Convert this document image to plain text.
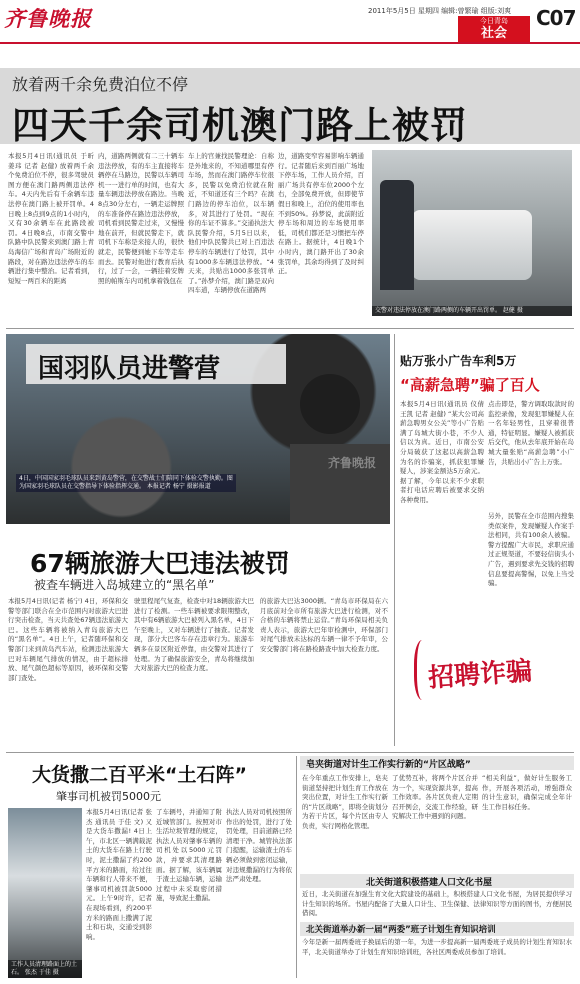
齐鲁晚报	2011年5月5日 星期四 编辑:曾繁瑜 组版:刘爽
今日青岛
社会
C07
放着两千余免费泊位不停
四天千余司机澳门路上被罚
本报5月4日讯(通讯员 于昕 姜玮 记者 赵健) 放着两千余个免费泊位不停，很多驾驶员图方便在澳门路两侧违法停车。4天内先后有千余辆车违法停在澳门路上被开罚单。4日晚上8点到9点的1小时内，又有30余辆车在此路段被罚。4日晚8点，市南交警中队路中队民警来到澳门路上青岛海信广场和青岛广场附近的路段，对在路边违法停车的车辆进行集中整治。记者看到，短短一两百米的距离
内，道路两侧就有二三十辆车违法停放，有的车主直接将车辆停在马路边，民警以车辆司机一一进行单的时间，也有大量车辆违法停放在路边。当晚8点30分左右，一辆走运牌照的车准备停在路边违法停放，司机看到民警走过来，又慢慢地在前开，但就民警走下，就司机下车称是来接人的，很快就走，民警便到她下车等走车而去。民警对他进行教育后执行，过了一会，一辆挂着安牌照的帕斯车内司机拿着钱包在
车上的官兼找民警理论：自称是外地来的，不知道哪里有停车场，然而在澳门路停车位很多，民警以免费泊位就在附近，不知道还有三个吗？在澳门路边的停车泊位，以车辆多，对其进行了处罚。“现在你的车证不算多。”交通执法大队民警介绍，5月5日以来，他们中队民警共已对上百违法停车的车辆进行了处罚，其中有1000多车辆违法停放。“4天来，共贴出1000多张罚单了。”孙梦介绍，澳门路是双向四车道，车辆停放在道路两
边，道路变窄容易影响车辆通行。记者随后来到百丽广场地下停车场，工作人员介绍，百丽广场共有停车位2000个左右，全部免费开放，但即使节假日和晚上，泊位的使用率也不到50%。孙梦说，此前附近停车场和周边的车场使用率低，司机们都还是习惯把车停在路上。据统计，4日晚1个小时内，澳门路开出了30余张罚单，其余均得到了及时纠正。
交警对违法停放在澳门路两侧的车辆开出罚单。 赵健 摄
国羽队员进警营
齐鲁晚报
4日，中国国家羽毛球队员来到黄岛警营，在交警战士们陪同下体验交警执勤。图为国家羽毛球队员在交警指导下体验指挥交通。 本报记者 杨宁 摄影报道
67辆旅游大巴违法被罚
被查车辆进入岛城建立的“黑名单”
本报5月4日讯(记者 杨宁) 4日，环保和交警等部门联合在全市范围内对旅游大巴进行突击检查，当天共查处67辆违法旅游大巴。这些车辆将被纳入青岛旅游大巴的“黑名单”。4日上午，记者随环保和交警部门来到黄岛汽车站，检测违法旅游大巴对车辆尾气排放的情况，由于超标排放、尾气颜色超标等原因，被环保和交警部门查处。
驶里程尾气复查，检查中对18辆旅游大巴进行了检测。一些车辆被要求限期整改，其中有6辆旅游大巴被列入黑名单，4日下午至晚上，又对车辆进行了抽查。记者发现，部分大巴客车存在违章行为。旅游车辆多在景区附近停靠，由交警对其进行了处理。为了确保旅游安全，青岛将继续加大对旅游大巴的检查力度。
的旅游大巴达3000辆。“青岛市环保局在六月底前对全市所有旅游大巴进行检测，对不合格的车辆将禁止运营。”青岛环保局相关负责人表示，旅游大巴年审检测中，环保部门对尾气排放未达标的车辆一律不予年审，公安交警部门将在路检路查中加大检查力度。
贴万张小广告车利5万
“高薪急聘”骗了百人
本报5月4日讯(通讯员 仪倩 王凯 记者 赵健) “某大公司高薪急聘男女公关”等小广告贴满了岛城大街小巷，不少人信以为真。近日，市南公安分局破获了这起以高薪急聘为名的诈骗案，抓获犯罪嫌疑人，涉案金额达5万余元。据了解，今年以来不少求职者打电话应聘后被要求交纳各种费用。
点击即是，警方调取取款时的监控录像，发现犯罪嫌疑人在一名年轻男性，且穿着很普通，特征明显。嫌疑人被抓获后交代，他从去年底开始在岛城大量张贴“高薪急聘”小广告，共贴出小广告上万张。
另外，民警在全市范围内搜集类似案件，发现嫌疑人作案手法相同，共有100余人被骗。警方提醒广大市民，求职应通过正规渠道，不要轻信街头小广告，遇到要求先交钱的招聘信息要提高警惕，以免上当受骗。
招聘诈骗
大货撒二百平米“土石阵”
肇事司机被罚5000元
工作人员清理路面上的土石。 张杰 于佳 摄
本报5月4日讯(记者 张杰 通讯员 于佳 文) 又是大货车撒漏! 4日上午，市北区一辆满载泥土的大货车在路上行驶时，泥土撒漏了约200平方米的路面，给过往车辆和行人带来不便，肇事司机被罚款5000元。上午9时许，记者在现场看到，约200平方米的路面上撒满了泥土和石块，交通受到影响。
了车辆号，并通知了附近城管部门。按照对市生活垃圾管理的规定，执法人员对肇事车辆的司机处以5000元罚款，并要求其清理路面。据了解，该车辆属于渣土运输车辆，运输过程中未采取密闭措施，导致泥土撒漏。
执法人员对司机按照所作出的处罚，进行了处罚处理，目前道路已经清理干净。城管执法部门提醒，运输渣土的车辆必须做到密闭运输，对违规撒漏的行为将依法严肃处理。
皂夹街道对计生工作实行新的“片区战略”
在今年重点工作安排上，皂夹街道坚持把计划生育工作放在突出位置，对计生工作实行新的“片区战略”，即将全街划分为若干片区，每个片区由专人负责，实行网格化管理。
了优势互补，将两个片区合并为一个，实现资源共享，提高工作效率。各片区负责人定期召开例会，交流工作经验，研究解决工作中遇到的问题。
“相关利益”，做好计生服务工作，开展各项活动，增强群众的计生意识，确保完成全年计生工作目标任务。
北关街道积极搭建人口文化书屋
近日，北关街道在加强生育文化大院建设的基础上，积极搭建人口文化书屋，为居民提供学习计生知识的场所。书屋内配备了大量人口计生、卫生保健、法律知识等方面的图书，方便居民借阅。
北关街道举办新一届“两委”班子计划生育知识培训
今年是新一届两委班子换届后的第一年，为进一步提高新一届两委班子成员的计划生育知识水平，北关街道举办了计划生育知识培训班，各社区两委成员参加了培训。
